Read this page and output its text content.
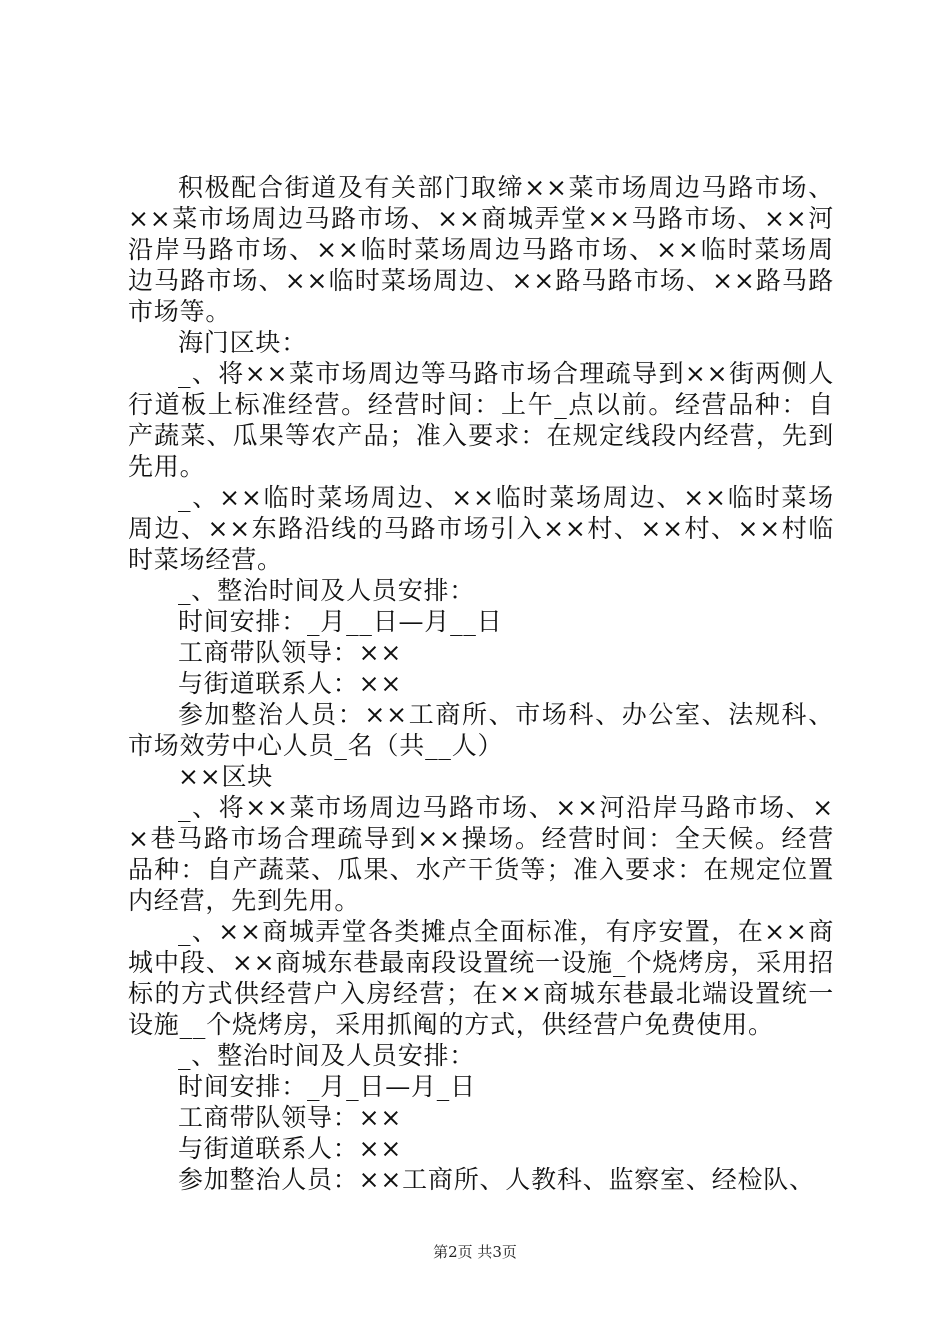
积极配合街道及有关部门取缔××菜市场周边马路市场、××菜市场周边马路市场、××商城弄堂××马路市场、××河沿岸马路市场、××临时菜场周边马路市场、××临时菜场周边马路市场、××临时菜场周边、××路马路市场、××路马路市场等。

海门区块：

_、将××菜市场周边等马路市场合理疏导到××街两侧人行道板上标准经营。经营时间：上午_点以前。经营品种：自产蔬菜、瓜果等农产品；准入要求：在规定线段内经营，先到先用。

_、××临时菜场周边、××临时菜场周边、××临时菜场周边、××东路沿线的马路市场引入××村、××村、××村临时菜场经营。

_、整治时间及人员安排：

时间安排：_月__日—月__日

工商带队领导：××

与街道联系人：××

参加整治人员：××工商所、市场科、办公室、法规科、市场效劳中心人员_名（共__人）

××区块

_、将××菜市场周边马路市场、××河沿岸马路市场、××巷马路市场合理疏导到××操场。经营时间：全天候。经营品种：自产蔬菜、瓜果、水产干货等；准入要求：在规定位置内经营，先到先用。

_、××商城弄堂各类摊点全面标准，有序安置，在××商城中段、××商城东巷最南段设置统一设施_个烧烤房，采用招标的方式供经营户入房经营；在××商城东巷最北端设置统一设施__个烧烤房，采用抓阄的方式，供经营户免费使用。

_、整治时间及人员安排：

时间安排：_月_日—月_日

工商带队领导：××

与街道联系人：××

参加整治人员：××工商所、人教科、监察室、经检队、

第2页 共3页
